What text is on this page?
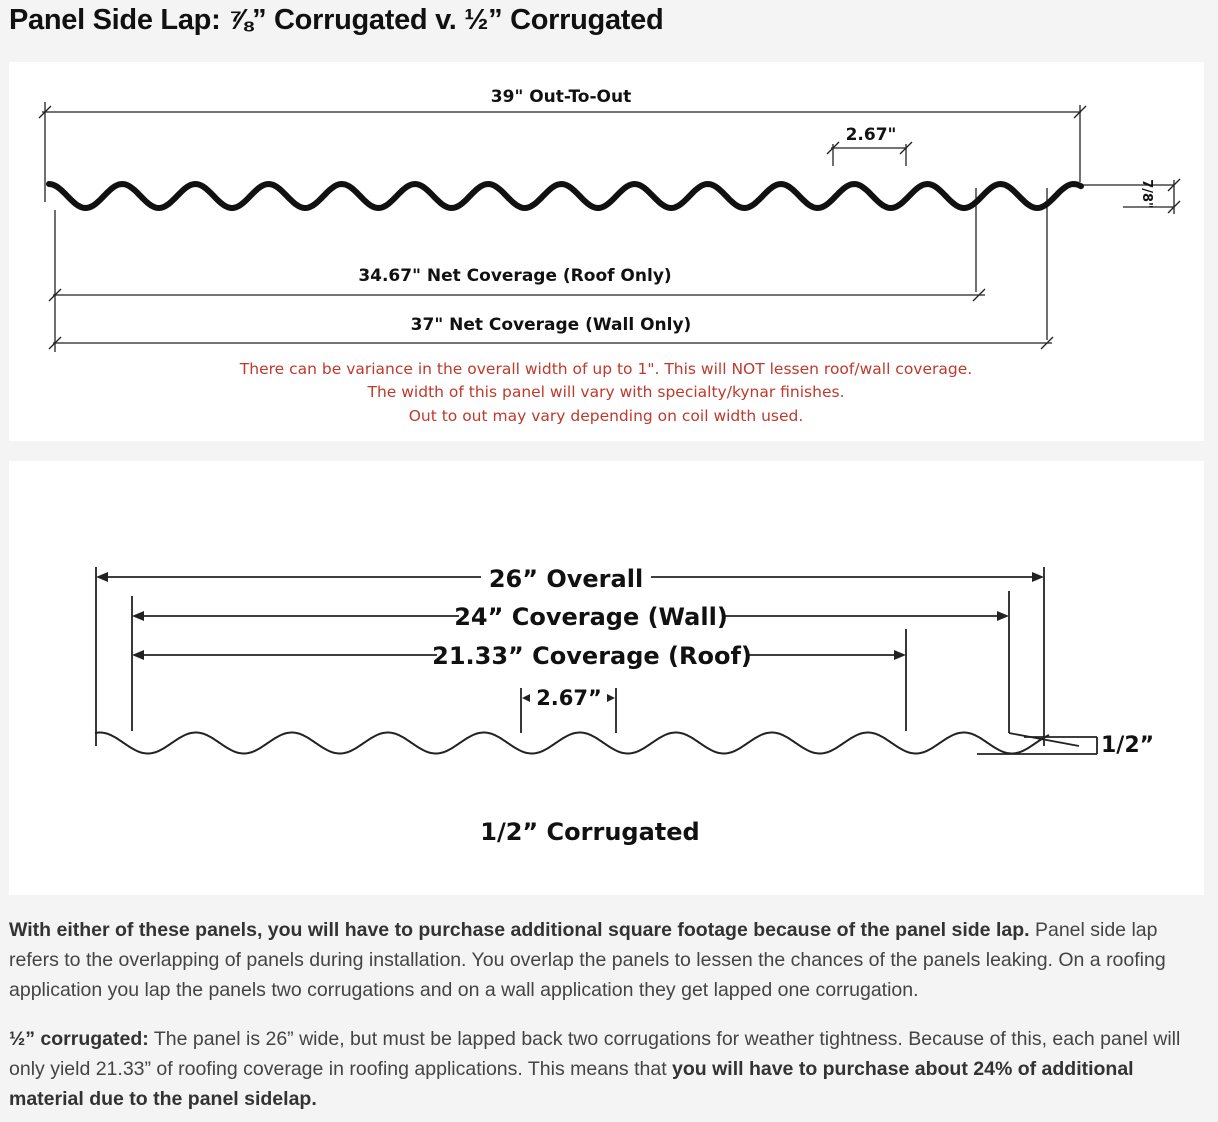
Panel Side Lap: ⅞” Corrugated v. ½” Corrugated
39" Out-To-Out
2.67"
7/8"
34.67" Net Coverage (Roof Only)
37" Net Coverage (Wall Only)
There can be variance in the overall width of up to 1". This will NOT lessen roof/wall coverage.
The width of this panel will vary with specialty/kynar finishes.
Out to out may vary depending on coil width used.
26” Overall
24” Coverage (Wall)
21.33” Coverage (Roof)
2.67”
1/2”
1/2” Corrugated

With either of these panels, you will have to purchase additional square footage because of the panel side lap. Panel side lap refers to the overlapping of panels during installation. You overlap the panels to lessen the chances of the panels leaking. On a roofing application you lap the panels two corrugations and on a wall application they get lapped one corrugation.

½” corrugated: The panel is 26” wide, but must be lapped back two corrugations for weather tightness. Because of this, each panel will only yield 21.33” of roofing coverage in roofing applications. This means that you will have to purchase about 24% of additional material due to the panel sidelap.
